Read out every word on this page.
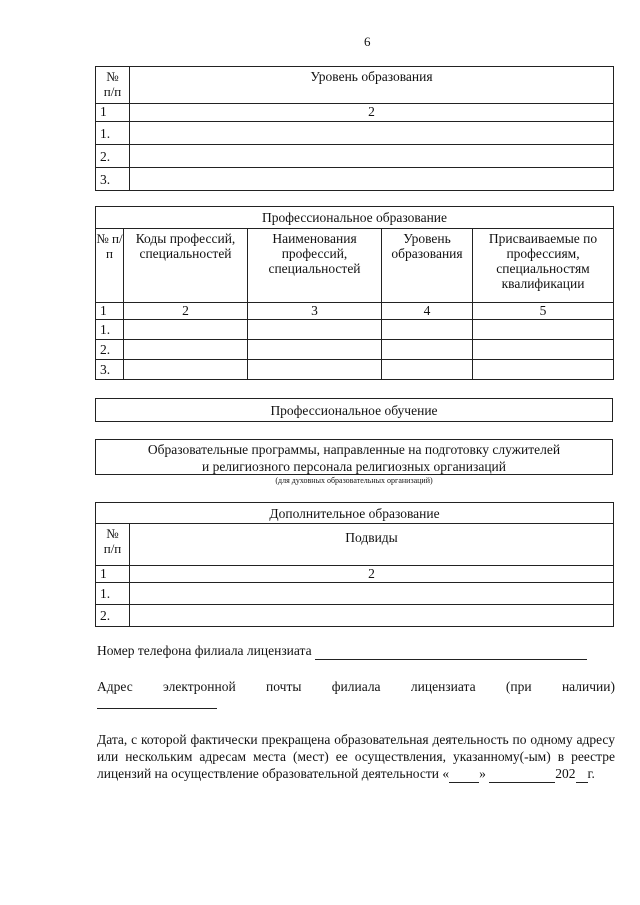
6
№ п/п	Уровень образования
1	2
1.	
2.	
3.	
Профессиональное образование				
№ п/п	Коды профессий, специальностей	Наименования профессий, специальностей	Уровень образования	Присваиваемые по профессиям, специальностям квалификации
1	2	3	4	5
1.				
2.				
3.				
Профессиональное обучение
Образовательные программы, направленные на подготовку служителей
и религиозного персонала религиозных организаций
(для духовных образовательных организаций)
Дополнительное образование	
№ п/п	Подвиды
1	2
1.	
2.	
Номер телефона филиала лицензиата
Адрес электронной почты филиала лицензиата (при наличии)
Дата, с которой фактически прекращена образовательная деятельность по одному адресу или нескольким адресам места (мест) ее осуществления, указанному(-ым) в реестре лицензий на осуществление образовательной деятельности « »	202 г.
